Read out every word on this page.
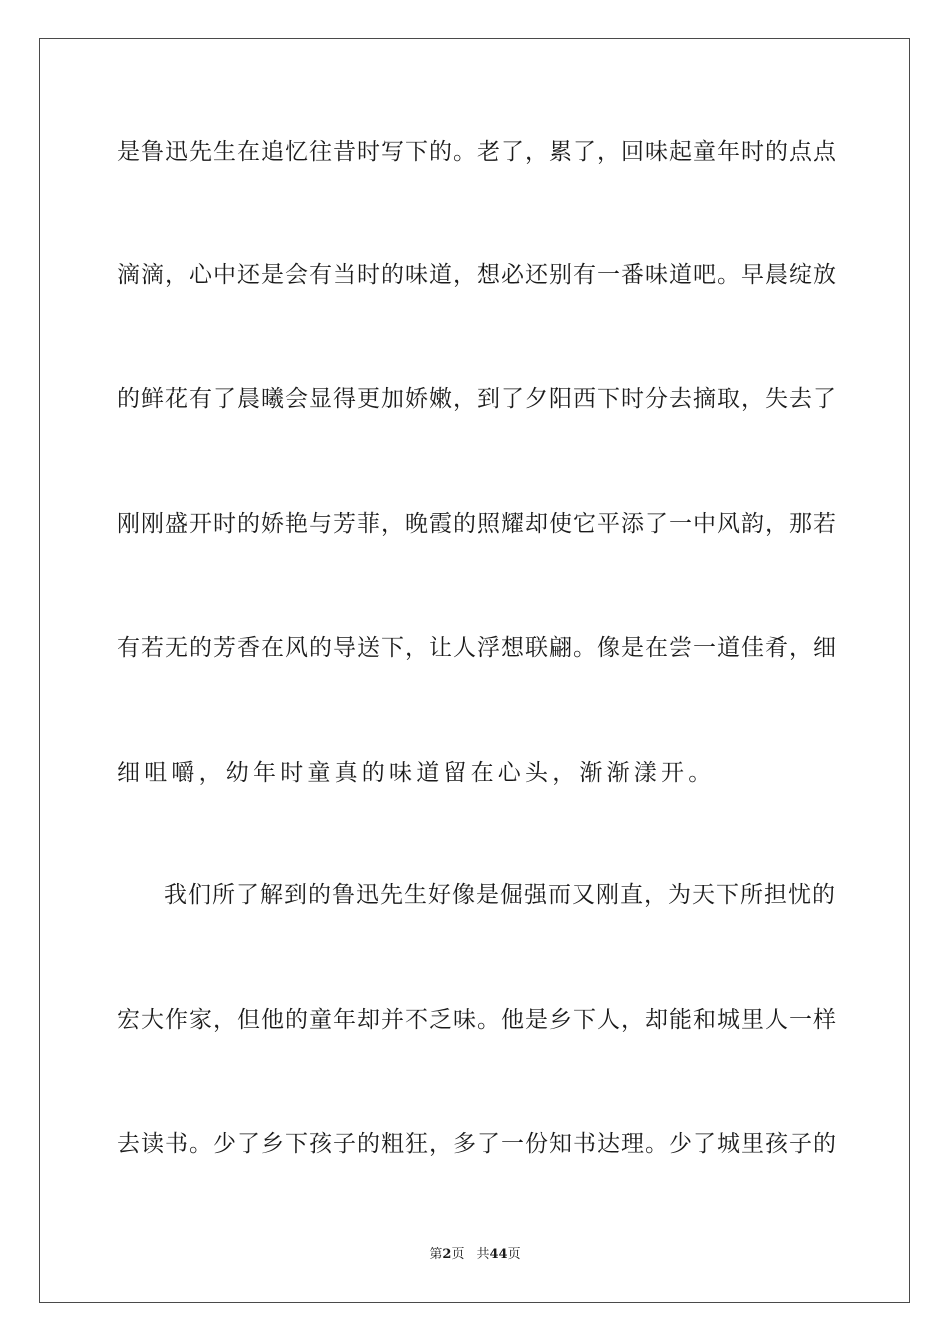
是鲁迅先生在追忆往昔时写下的。老了，累了，回味起童年时的点点
滴滴，心中还是会有当时的味道，想必还别有一番味道吧。早晨绽放
的鲜花有了晨曦会显得更加娇嫩，到了夕阳西下时分去摘取，失去了
刚刚盛开时的娇艳与芳菲，晚霞的照耀却使它平添了一中风韵，那若
有若无的芳香在风的导送下，让人浮想联翩。像是在尝一道佳肴，细
细咀嚼，幼年时童真的味道留在心头，渐渐漾开。
我们所了解到的鲁迅先生好像是倔强而又刚直，为天下所担忧的
宏大作家，但他的童年却并不乏味。他是乡下人，却能和城里人一样
去读书。少了乡下孩子的粗狂，多了一份知书达理。少了城里孩子的
第2页 共44页
